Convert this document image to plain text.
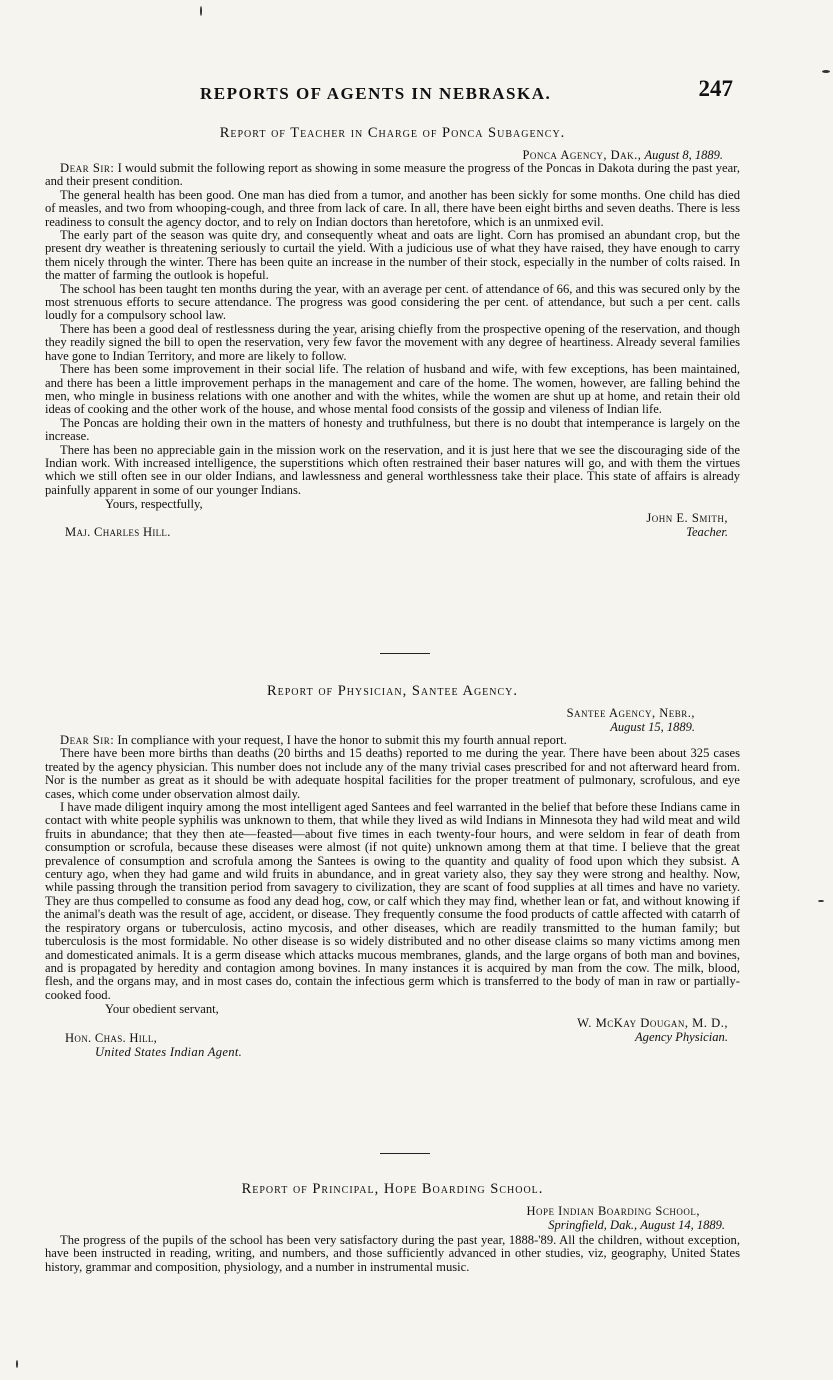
REPORTS OF AGENTS IN NEBRASKA.	247
Report of Teacher in Charge of Ponca Subagency.
Ponca Agency, Dak., August 8, 1889.

Dear Sir: I would submit the following report as showing in some measure the progress of the Poncas in Dakota during the past year, and their present condition.

The general health has been good. One man has died from a tumor, and another has been sickly for some months. One child has died of measles, and two from whooping-cough, and three from lack of care. In all, there have been eight births and seven deaths. There is less readiness to consult the agency doctor, and to rely on Indian doctors than heretofore, which is an unmixed evil.

The early part of the season was quite dry, and consequently wheat and oats are light. Corn has promised an abundant crop, but the present dry weather is threatening seriously to curtail the yield. With a judicious use of what they have raised, they have enough to carry them nicely through the winter. There has been quite an increase in the number of their stock, especially in the number of colts raised. In the matter of farming the outlook is hopeful.

The school has been taught ten months during the year, with an average per cent. of attendance of 66, and this was secured only by the most strenuous efforts to secure attendance. The progress was good considering the per cent. of attendance, but such a per cent. calls loudly for a compulsory school law.

There has been a good deal of restlessness during the year, arising chiefly from the prospective opening of the reservation, and though they readily signed the bill to open the reservation, very few favor the movement with any degree of heartiness. Already several families have gone to Indian Territory, and more are likely to follow.

There has been some improvement in their social life. The relation of husband and wife, with few exceptions, has been maintained, and there has been a little improvement perhaps in the management and care of the home. The women, however, are falling behind the men, who mingle in business relations with one another and with the whites, while the women are shut up at home, and retain their old ideas of cooking and the other work of the house, and whose mental food consists of the gossip and vileness of Indian life.

The Poncas are holding their own in the matters of honesty and truthfulness, but there is no doubt that intemperance is largely on the increase.

There has been no appreciable gain in the mission work on the reservation, and it is just here that we see the discouraging side of the Indian work. With increased intelligence, the superstitions which often restrained their baser natures will go, and with them the virtues which we still often see in our older Indians, and lawlessness and general worthlessness take their place. This state of affairs is already painfully apparent in some of our younger Indians.

Yours, respectfully,
John E. Smith,
Teacher.
Maj. Charles Hill.
Report of Physician, Santee Agency.
Santee Agency, Nebr.,
August 15, 1889.

Dear Sir: In compliance with your request, I have the honor to submit this my fourth annual report.

There have been more births than deaths (20 births and 15 deaths) reported to me during the year. There have been about 325 cases treated by the agency physician. This number does not include any of the many trivial cases prescribed for and not afterward heard from. Nor is the number as great as it should be with adequate hospital facilities for the proper treatment of pulmonary, scrofulous, and eye cases, which come under observation almost daily.

I have made diligent inquiry among the most intelligent aged Santees and feel warranted in the belief that before these Indians came in contact with white people syphilis was unknown to them, that while they lived as wild Indians in Minnesota they had wild meat and wild fruits in abundance; that they then ate—feasted—about five times in each twenty-four hours, and were seldom in fear of death from consumption or scrofula, because these diseases were almost (if not quite) unknown among them at that time. I believe that the great prevalence of consumption and scrofula among the Santees is owing to the quantity and quality of food upon which they subsist. A century ago, when they had game and wild fruits in abundance, and in great variety also, they say they were strong and healthy. Now, while passing through the transition period from savagery to civilization, they are scant of food supplies at all times and have no variety. They are thus compelled to consume as food any dead hog, cow, or calf which they may find, whether lean or fat, and without knowing if the animal's death was the result of age, accident, or disease. They frequently consume the food products of cattle affected with catarrh of the respiratory organs or tuberculosis, actino mycosis, and other diseases, which are readily transmitted to the human family; but tuberculosis is the most formidable. No other disease is so widely distributed and no other disease claims so many victims among men and domesticated animals. It is a germ disease which attacks mucous membranes, glands, and the large organs of both man and bovines, and is propagated by heredity and contagion among bovines. In many instances it is acquired by man from the cow. The milk, blood, flesh, and the organs may, and in most cases do, contain the infectious germ which is transferred to the body of man in raw or partially-cooked food.

Your obedient servant,
W. McKay Dougan, M. D.,
Agency Physician.
Hon. Chas. Hill,
United States Indian Agent.
Report of Principal, Hope Boarding School.
Hope Indian Boarding School,
Springfield, Dak., August 14, 1889.

The progress of the pupils of the school has been very satisfactory during the past year, 1888-'89. All the children, without exception, have been instructed in reading, writing, and numbers, and those sufficiently advanced in other studies, viz, geography, United States history, grammar and composition, physiology, and a number in instrumental music.
